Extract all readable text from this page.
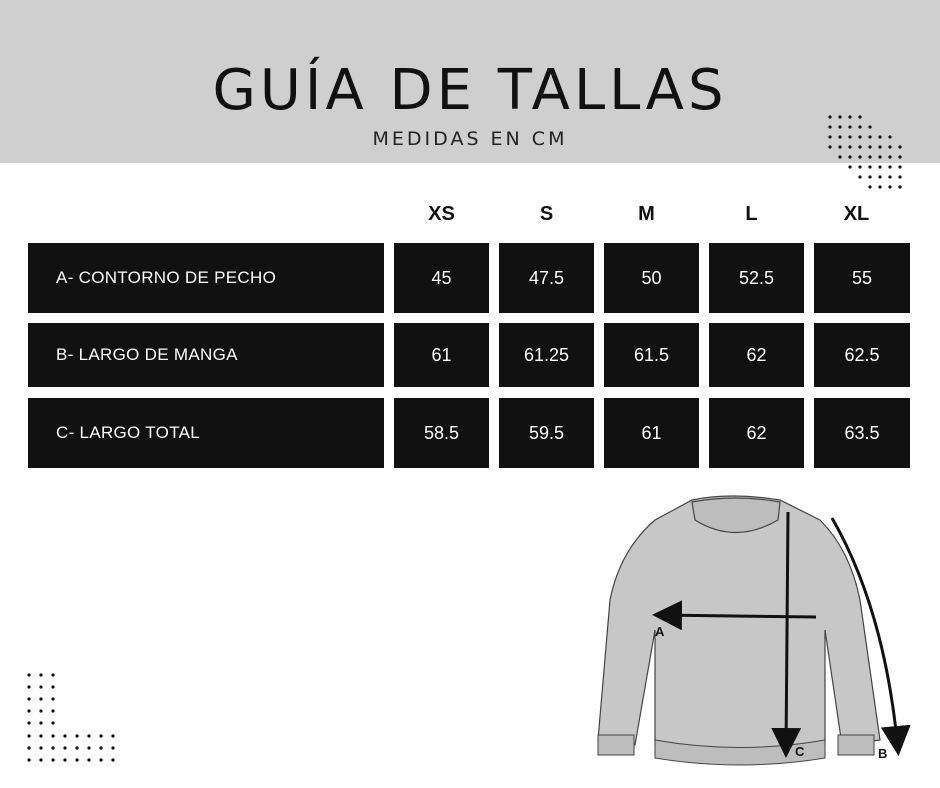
GUÍA DE TALLAS
MEDIDAS EN CM
XS	S	M	L	XL
A- CONTORNO DE PECHO	45	47.5	50	52.5	55
B- LARGO DE MANGA	61	61.25	61.5	62	62.5
C- LARGO TOTAL	58.5	59.5	61	62	63.5
A
C	B
